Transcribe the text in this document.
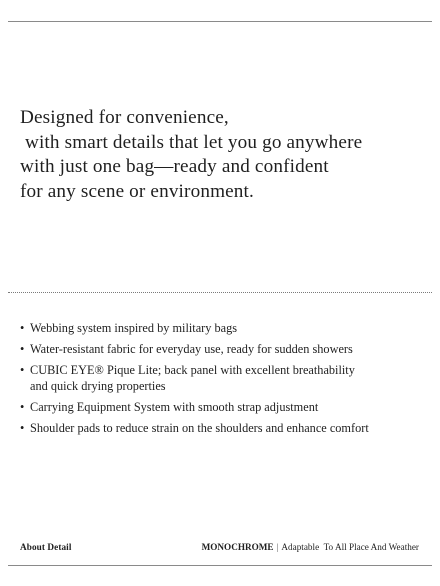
Designed for convenience,
with smart details that let you go anywhere
with just one bag—ready and confident
for any scene or environment.
• Webbing system inspired by military bags
• Water-resistant fabric for everyday use, ready for sudden showers
• CUBIC EYE® Pique Lite; back panel with excellent breathability
and quick drying properties
• Carrying Equipment System with smooth strap adjustment
• Shoulder pads to reduce strain on the shoulders and enhance comfort
About Detail	MONOCHROME | Adaptable  To All Place And Weather
